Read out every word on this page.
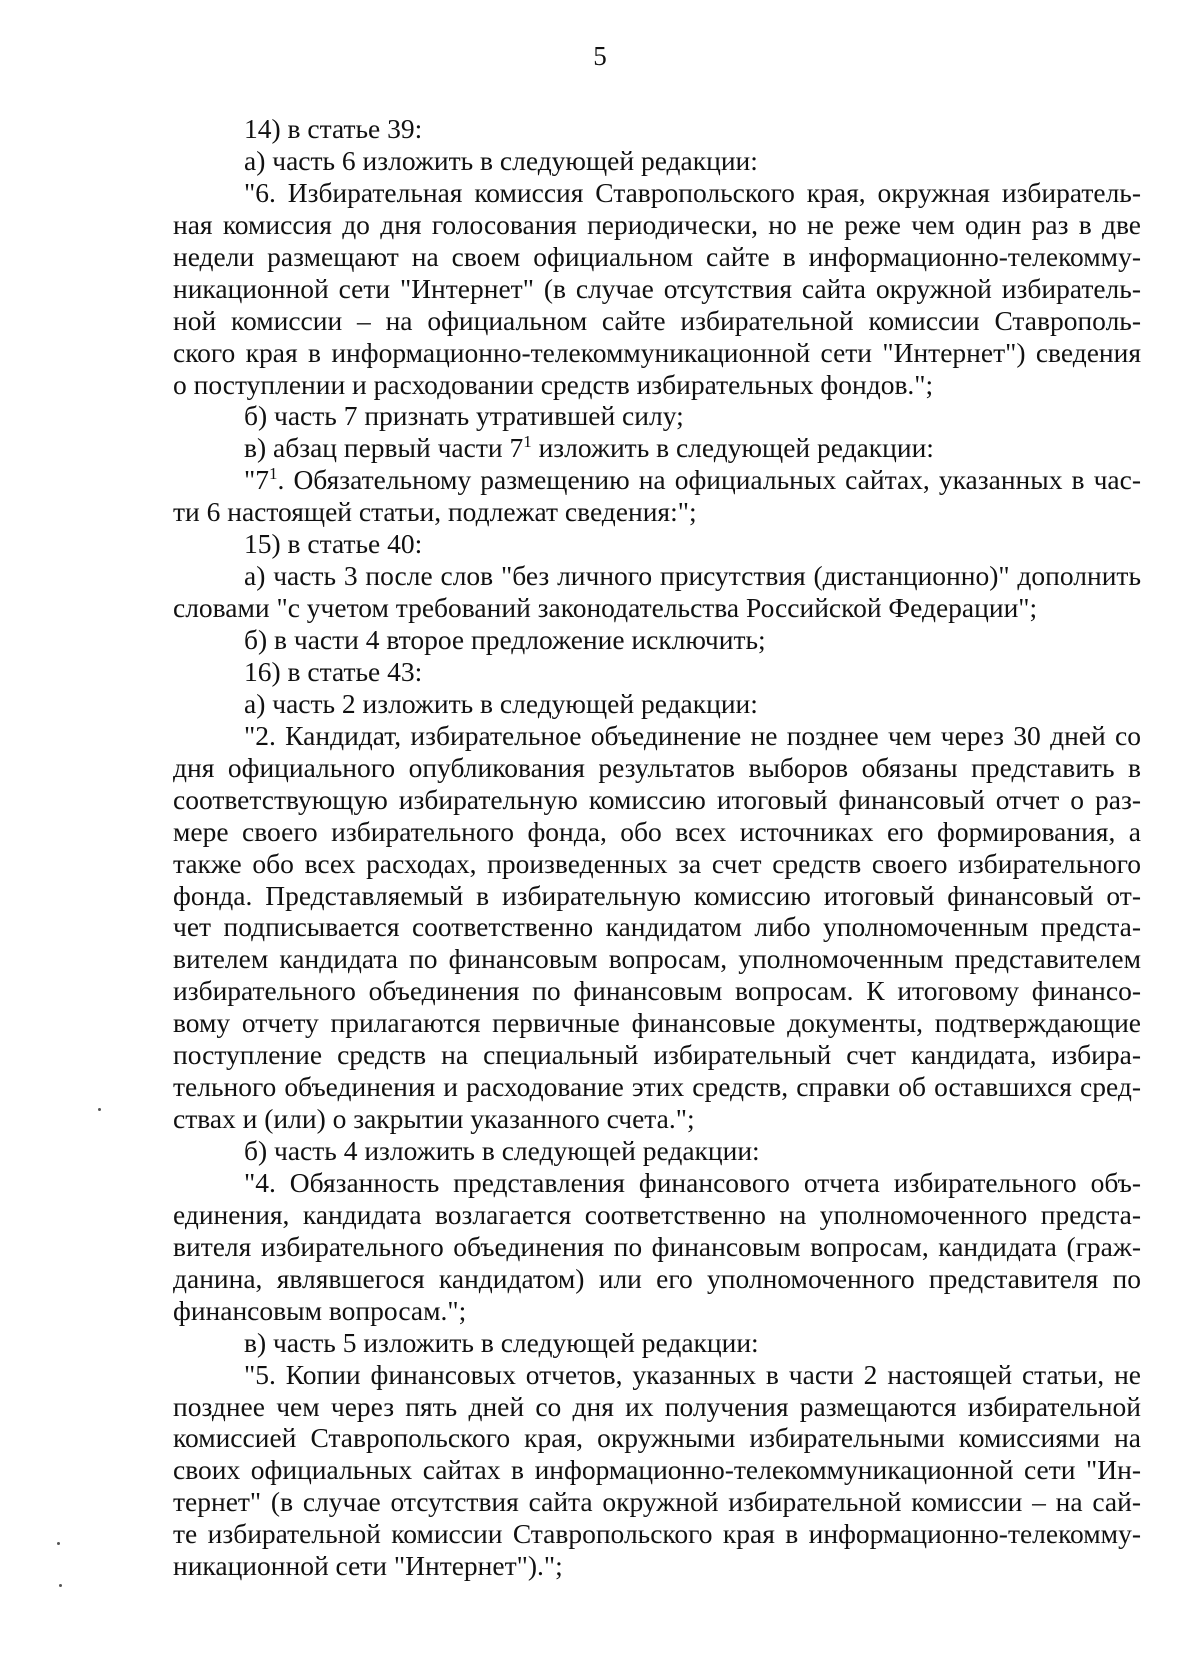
5
14) в статье 39:
а) часть 6 изложить в следующей редакции:
"6. Избирательная комиссия Ставропольского края, окружная избиратель-
ная комиссия до дня голосования периодически, но не реже чем один раз в две
недели размещают на своем официальном сайте в информационно-телекомму-
никационной сети "Интернет" (в случае отсутствия сайта окружной избиратель-
ной комиссии – на официальном сайте избирательной комиссии Ставрополь-
ского края в информационно-телекоммуникационной сети "Интернет") сведения
о поступлении и расходовании средств избирательных фондов.";
б) часть 7 признать утратившей силу;
в) абзац первый части $7^1$ изложить в следующей редакции:
"$7^1$. Обязательному размещению на официальных сайтах, указанных в час-
ти 6 настоящей статьи, подлежат сведения:";
15) в статье 40:
а) часть 3 после слов "без личного присутствия (дистанционно)" дополнить
словами "с учетом требований законодательства Российской Федерации";
б) в части 4 второе предложение исключить;
16) в статье 43:
а) часть 2 изложить в следующей редакции:
"2. Кандидат, избирательное объединение не позднее чем через 30 дней со
дня официального опубликования результатов выборов обязаны представить в
соответствующую избирательную комиссию итоговый финансовый отчет о раз-
мере своего избирательного фонда, обо всех источниках его формирования, а
также обо всех расходах, произведенных за счет средств своего избирательного
фонда. Представляемый в избирательную комиссию итоговый финансовый от-
чет подписывается соответственно кандидатом либо уполномоченным предста-
вителем кандидата по финансовым вопросам, уполномоченным представителем
избирательного объединения по финансовым вопросам. К итоговому финансо-
вому отчету прилагаются первичные финансовые документы, подтверждающие
поступление средств на специальный избирательный счет кандидата, избира-
тельного объединения и расходование этих средств, справки об оставшихся сред-
ствах и (или) о закрытии указанного счета.";
б) часть 4 изложить в следующей редакции:
"4. Обязанность представления финансового отчета избирательного объ-
единения, кандидата возлагается соответственно на уполномоченного предста-
вителя избирательного объединения по финансовым вопросам, кандидата (граж-
данина, являвшегося кандидатом) или его уполномоченного представителя по
финансовым вопросам.";
в) часть 5 изложить в следующей редакции:
"5. Копии финансовых отчетов, указанных в части 2 настоящей статьи, не
позднее чем через пять дней со дня их получения размещаются избирательной
комиссией Ставропольского края, окружными избирательными комиссиями на
своих официальных сайтах в информационно-телекоммуникационной сети "Ин-
тернет" (в случае отсутствия сайта окружной избирательной комиссии – на сай-
те избирательной комиссии Ставропольского края в информационно-телекомму-
никационной сети "Интернет").";
